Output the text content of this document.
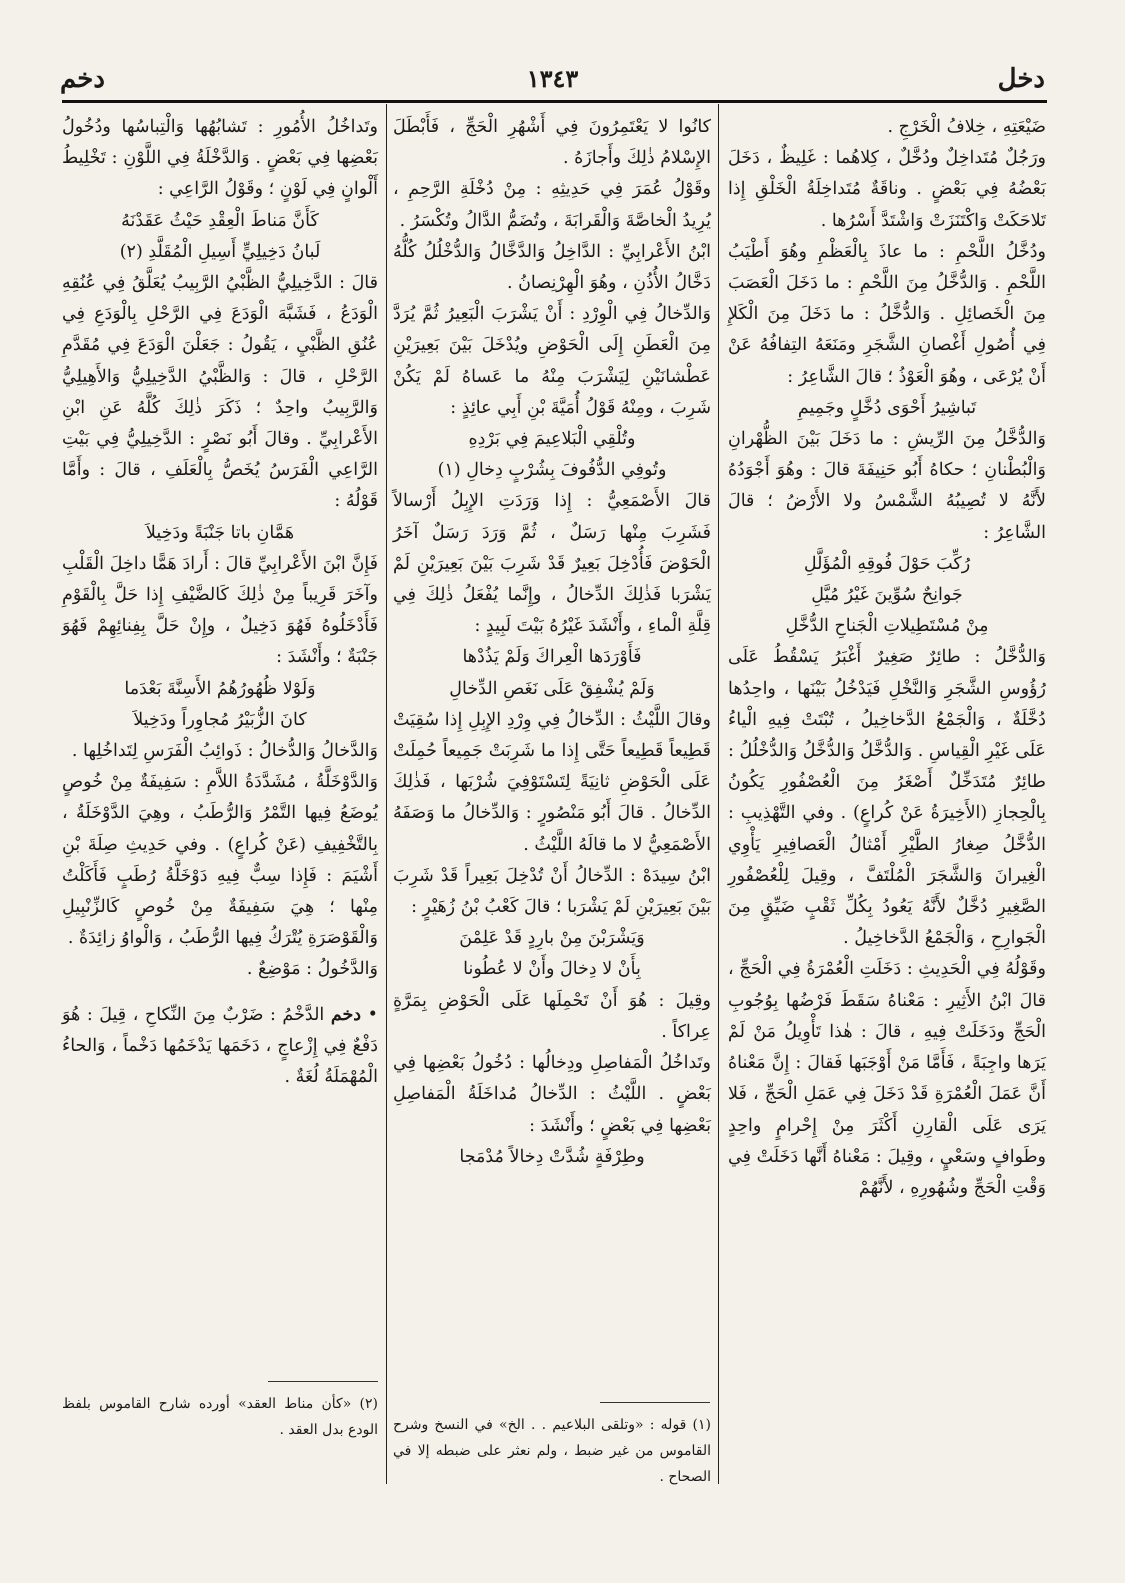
دخل
١٣٤٣
دخم

ضَيْعَتِهِ ، خِلافُ الْخَرْجِ .

ورَجُلٌ مُتَداخِلٌ ودُخَّلٌ ، كِلاهُما : غَلِيظٌ ، دَخَلَ بَعْضُهُ فِي بَعْضٍ . وناقَةٌ مُتَداخِلَةُ الْخَلْقِ إِذا تَلاحَكَتْ وَاكْتَنَزَتْ وَاشْتَدَّ أَسْرُها .

ودُخَّلُ اللَّحْمِ : ما عاذَ بِالْعَظْمِ وهُوَ أَطْيَبُ اللَّحْمِ . وَالدُّخَّلُ مِنَ اللَّحْمِ : ما دَخَلَ الْعَصَبَ مِنَ الْخَصائِلِ . وَالدُّخَّلُ : ما دَخَلَ مِنَ الْكَلإِ فِي أُصُولِ أَغْصانِ الشَّجَرِ ومَنَعَهُ التِفافُهُ عَنْ أَنْ يُرْعَى ، وهُوَ الْعَوْذُ ؛ قالَ الشَّاعِرُ :

تَباشِيرُ أَحْوَى دُخَّلٍ وجَمِيمِ

وَالدُّخَّلُ مِنَ الرِّيشِ : ما دَخَلَ بَيْنَ الظُّهْرانِ وَالْبُطْنانِ ؛ حكاهُ أَبُو حَنِيفَةَ قالَ : وهُوَ أَجْوَدُهُ لأَنَّهُ لا تُصِيبُهُ الشَّمْسُ ولا الأَرْضُ ؛ قالَ الشَّاعِرُ :

رُكِّبَ حَوْلَ فُوقِهِ الْمُؤَلَّلِ

جَوانِحٌ سُوِّينَ غَيْرُ مُيَّلِ

مِنْ مُسْتَطِيلاتِ الْجَناحِ الدُّخَّلِ

وَالدُّخَّلُ : طائِرٌ صَغِيرٌ أَغْبَرُ يَسْقُطُ عَلَى رُؤُوسِ الشَّجَرِ وَالنَّخْلِ فَيَدْخُلُ بَيْنَها ، واحِدُها دُخَّلَةٌ ، وَالْجَمْعُ الدَّخاخِيلُ ، تُبْتَتْ فِيهِ الْياءُ عَلَى غَيْرِ الْقِياسِ . وَالدُّخَّلُ وَالدُّخَّلُ وَالدُّخْلُلُ : طائِرٌ مُتَدَخِّلٌ أَصْغَرُ مِنَ الْعُصْفُورِ يَكُونُ بِالْحِجازِ (الأَخِيرَةُ عَنْ كُراعٍ) . وفي التَّهْذِيبِ : الدُّخَّلُ صِغارُ الطَّيْرِ أَمْثالُ الْعَصافِيرِ يَأْوِي الْغِيرانَ وَالشَّجَرَ الْمُلْتَفَّ ، وقِيلَ لِلْعُصْفُورِ الصَّغِيرِ دُخَّلٌ لأَنَّهُ يَعُودُ بِكُلِّ ثَقْبٍ ضَيِّقٍ مِنَ الْجَوارِحِ ، وَالْجَمْعُ الدَّخاخِيلُ .

وقَوْلُهُ فِي الْحَدِيثِ : دَخَلَتِ الْعُمْرَةُ فِي الْحَجِّ ، قالَ ابْنُ الأَثِيرِ : مَعْناهُ سَقَطَ فَرْضُها بِوُجُوبِ الْحَجِّ ودَخَلَتْ فِيهِ ، قالَ : هٰذا تَأْوِيلُ مَنْ لَمْ يَرَها واجِبَةً ، فَأَمَّا مَنْ أَوْجَبَها فَقالَ : إِنَّ مَعْناهُ أَنَّ عَمَلَ الْعُمْرَةِ قَدْ دَخَلَ فِي عَمَلِ الْحَجِّ ، فَلا يَرَى عَلَى الْقارِنِ أَكْثَرَ مِنْ إِحْرامٍ واحِدٍ وطَوافٍ وسَعْيٍ ، وقِيلَ : مَعْناهُ أَنَّها دَخَلَتْ فِي وَقْتِ الْحَجِّ وشُهُورِهِ ، لأَنَّهُمْ

كانُوا لا يَعْتَمِرُونَ فِي أَشْهُرِ الْحَجِّ ، فَأَبْطَلَ الإِسْلامُ ذٰلِكَ وأَجازَهُ .

وقَوْلُ عُمَرَ فِي حَدِيثِهِ : مِنْ دُخْلَةِ الرَّحِمِ ، يُرِيدُ الْخاصَّةَ وَالْقَرابَةَ ، وتُضَمُّ الدَّالُ وتُكْسَرُ .

ابْنُ الأَعْرابِيِّ : الدَّاخِلُ وَالدَّخَّالُ وَالدُّخْلُلُ كُلُّهُ دَخَّالُ الأُذُنِ ، وهُوَ الْهِرْنِصانُ .

وَالدِّخالُ فِي الْوِرْدِ : أَنْ يَشْرَبَ الْبَعِيرُ ثُمَّ يُرَدَّ مِنَ الْعَطَنِ إِلَى الْحَوْضِ ويُدْخَلَ بَيْنَ بَعِيرَيْنِ عَطْشانَيْنِ لِيَشْرَبَ مِنْهُ ما عَساهُ لَمْ يَكُنْ شَرِبَ ، ومِنْهُ قَوْلُ أُمَيَّةَ بْنِ أَبِي عائِذٍ :

وتُلْقِي الْبَلاعِيمَ فِي بَرْدِهِ

وتُوفِي الدُّفُوفَ بِشُرْبٍ دِخالِ (١)

قالَ الأَصْمَعِيُّ : إِذا وَرَدَتِ الإِبِلُ أَرْسالاً فَشَرِبَ مِنْها رَسَلٌ ، ثُمَّ وَرَدَ رَسَلٌ آخَرُ الْحَوْضَ فَأُدْخِلَ بَعِيرٌ قَدْ شَرِبَ بَيْنَ بَعِيرَيْنِ لَمْ يَشْرَبا فَذٰلِكَ الدِّخالُ ، وإِنَّما يُفْعَلُ ذٰلِكَ فِي قِلَّةِ الْماءِ ، وأَنْشَدَ غَيْرُهُ بَيْتَ لَبِيدٍ :

فَأَوْرَدَها الْعِراكَ وَلَمْ يَذُدْها

وَلَمْ يُشْفِقْ عَلَى نَغَصِ الدِّخالِ

وقالَ اللَّيْثُ : الدِّخالُ فِي وِرْدِ الإِبِلِ إِذا سُقِيَتْ قَطِيعاً قَطِيعاً حَتَّى إِذا ما شَرِبَتْ جَمِيعاً حُمِلَتْ عَلَى الْحَوْضِ ثانِيَةً لِتَسْتَوْفِيَ شُرْبَها ، فَذٰلِكَ الدِّخالُ . قالَ أَبُو مَنْصُورٍ : وَالدِّخالُ ما وَصَفَهُ الأَصْمَعِيُّ لا ما قالَهُ اللَّيْثُ .

ابْنُ سِيدَهْ : الدِّخالُ أَنْ تُدْخِلَ بَعِيراً قَدْ شَرِبَ بَيْنَ بَعِيرَيْنِ لَمْ يَشْرَبا ؛ قالَ كَعْبُ بْنُ زُهَيْرٍ :

وَيَشْرَبْنَ مِنْ بارِدٍ قَدْ عَلِمْنَ

بِأَنْ لا دِخالَ وأَنْ لا عُطُونا

وقِيلَ : هُوَ أَنْ تَحْمِلَها عَلَى الْحَوْضِ بِمَرَّةٍ عِراكاً .

وتَداخُلُ الْمَفاصِلِ ودِخالُها : دُخُولُ بَعْضِها فِي بَعْضٍ . اللَّيْثُ : الدِّخالُ مُداخَلَةُ الْمَفاصِلِ بَعْضِها فِي بَعْضٍ ؛ وأَنْشَدَ :

وطِرْفَةٍ شُدَّتْ دِخالاً مُدْمَجا

وتَداخُلُ الأُمُورِ : تَشابُهُها وَالْتِباسُها ودُخُولُ بَعْضِها فِي بَعْضٍ . وَالدَّخْلَةُ فِي اللَّوْنِ : تَخْلِيطُ أَلْوانٍ فِي لَوْنٍ ؛ وقَوْلُ الرَّاعِي :

كَأَنَّ مَناطَ الْعِقْدِ حَيْثُ عَقَدْنَهُ

لَبانُ دَخِيلِيٍّ أَسِيلِ الْمُقَلَّدِ (٢)

قالَ : الدَّخِيلِيُّ الظَّبْيُ الرَّبِيبُ يُعَلَّقُ فِي عُنُقِهِ الْوَدَعُ ، فَشَبَّهَ الْوَدَعَ فِي الرَّحْلِ بِالْوَدَعِ فِي عُنُقِ الظَّبْيِ ، يَقُولُ : جَعَلْنَ الْوَدَعَ فِي مُقَدَّمِ الرَّحْلِ ، قالَ : وَالظَّبْيُ الدَّخِيلِيُّ وَالأَهِيلِيُّ وَالرَّبِيبُ واحِدٌ ؛ ذَكَرَ ذٰلِكَ كُلَّهُ عَنِ ابْنِ الأَعْرابِيِّ . وقالَ أَبُو نَصْرٍ : الدَّخِيلِيُّ فِي بَيْتِ الرَّاعِي الْفَرَسُ يُخَصُّ بِالْعَلَفِ ، قالَ : وأَمَّا قَوْلُهُ :

هَمَّانِ باتا جَنْبَةً ودَخِيلاَ

فَإِنَّ ابْنَ الأَعْرابِيِّ قالَ : أَرادَ هَمًّا داخِلَ الْقَلْبِ وآخَرَ قَرِيباً مِنْ ذٰلِكَ كَالضَّيْفِ إِذا حَلَّ بِالْقَوْمِ فَأَدْخَلُوهُ فَهُوَ دَخِيلٌ ، وإِنْ حَلَّ بِفِنائِهِمْ فَهُوَ جَنْبَةٌ ؛ وأَنْشَدَ :

وَلَوْلا ظُهُورُهُمُ الأَسِنَّةَ بَعْدَما

كانَ الزُّبَيْرُ مُجاوِراً ودَخِيلاَ

وَالدَّخالُ وَالدُّخالُ : ذَوائِبُ الْفَرَسِ لِتَداخُلِها .

وَالدَّوْخَلَّةُ ، مُشَدَّدَةُ اللاَّمِ : سَفِيفَةٌ مِنْ خُوصٍ يُوضَعُ فِيها التَّمْرُ وَالرُّطَبُ ، وهِيَ الدَّوْخَلَةُ ، بِالتَّخْفِيفِ (عَنْ كُراعٍ) . وفي حَدِيثِ صِلَةَ بْنِ أَشْيَمَ : فَإِذا سِبٌّ فِيهِ دَوْخَلَّةُ رُطَبٍ فَأَكَلْتُ مِنْها ؛ هِيَ سَفِيفَةٌ مِنْ خُوصٍ كَالزِّنْبِيلِ وَالْقَوْصَرَةِ يُتْرَكُ فِيها الرُّطَبُ ، وَالْواوُ زائِدَةٌ .

وَالدَّخُولُ : مَوْضِعٌ .

• دخم الدَّخْمُ : ضَرْبٌ مِنَ النِّكاحِ ، قِيلَ : هُوَ دَفْعٌ فِي إِزْعاجٍ ، دَخَمَها يَدْخَمُها دَخْماً ، وَالحاءُ الْمُهْمَلَةُ لُغَةٌ .

(١) قوله : «وتلقى البلاعيم . . الخ» في النسخ وشرح القاموس من غير ضبط ، ولم نعثر على ضبطه إلا في الصحاح .
(٢) «كأن مناط العقد» أورده شارح القاموس بلفظ الودع بدل العقد .
